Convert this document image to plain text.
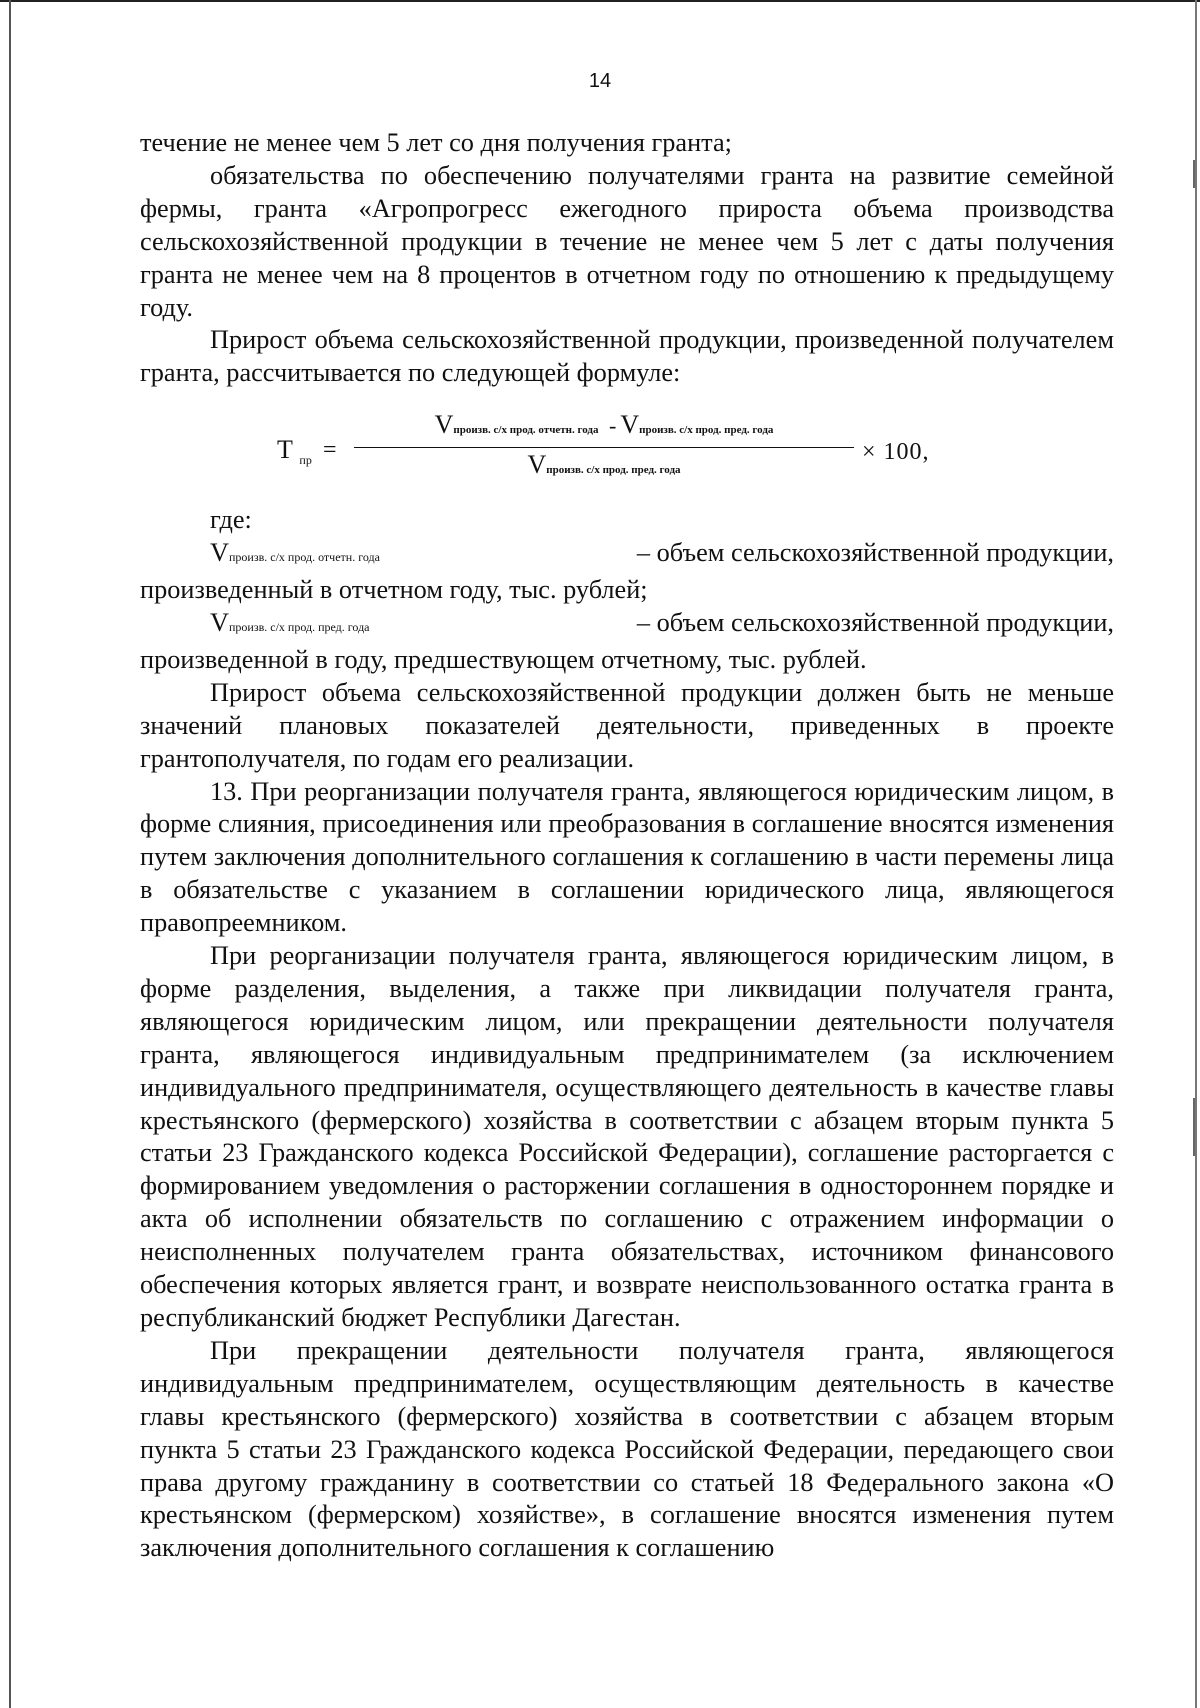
14

течение не менее чем 5 лет со дня получения гранта;

обязательства по обеспечению получателями гранта на развитие семейной фермы, гранта «Агропрогресс ежегодного прироста объема производства сельскохозяйственной продукции в течение не менее чем 5 лет с даты получения гранта не менее чем на 8 процентов в отчетном году по отношению к предыдущему году.

Прирост объема сельскохозяйственной продукции, произведенной получателем гранта, рассчитывается по следующей формуле:

Т $_{пр}$ =
Vпроизв. с/х прод. отчетн. года - Vпроизв. с/х прод. пред. года
Vпроизв. с/х прод. пред. года
× 100,

где:

Vпроизв. с/х прод. отчетн. года	– объем сельскохозяйственной продукции,

произведенный в отчетном году, тыс. рублей;

Vпроизв. с/х прод. пред. года	– объем сельскохозяйственной продукции,

произведенной в году, предшествующем отчетному, тыс. рублей.

Прирост объема сельскохозяйственной продукции должен быть не меньше значений плановых показателей деятельности, приведенных в проекте грантополучателя, по годам его реализации.

13. При реорганизации получателя гранта, являющегося юридическим лицом, в форме слияния, присоединения или преобразования в соглашение вносятся изменения путем заключения дополнительного соглашения к соглашению в части перемены лица в обязательстве с указанием в соглашении юридического лица, являющегося правопреемником.

При реорганизации получателя гранта, являющегося юридическим лицом, в форме разделения, выделения, а также при ликвидации получателя гранта, являющегося юридическим лицом, или прекращении деятельности получателя гранта, являющегося индивидуальным предпринимателем (за исключением индивидуального предпринимателя, осуществляющего деятельность в качестве главы крестьянского (фермерского) хозяйства в соответствии с абзацем вторым пункта 5 статьи 23 Гражданского кодекса Российской Федерации), соглашение расторгается с формированием уведомления о расторжении соглашения в одностороннем порядке и акта об исполнении обязательств по соглашению с отражением информации о неисполненных получателем гранта обязательствах, источником финансового обеспечения которых является грант, и возврате неиспользованного остатка гранта в республиканский бюджет Республики Дагестан.

При прекращении деятельности получателя гранта, являющегося индивидуальным предпринимателем, осуществляющим деятельность в качестве главы крестьянского (фермерского) хозяйства в соответствии с абзацем вторым пункта 5 статьи 23 Гражданского кодекса Российской Федерации, передающего свои права другому гражданину в соответствии со статьей 18 Федерального закона «О крестьянском (фермерском) хозяйстве», в соглашение вносятся изменения путем заключения дополнительного соглашения к соглашению
